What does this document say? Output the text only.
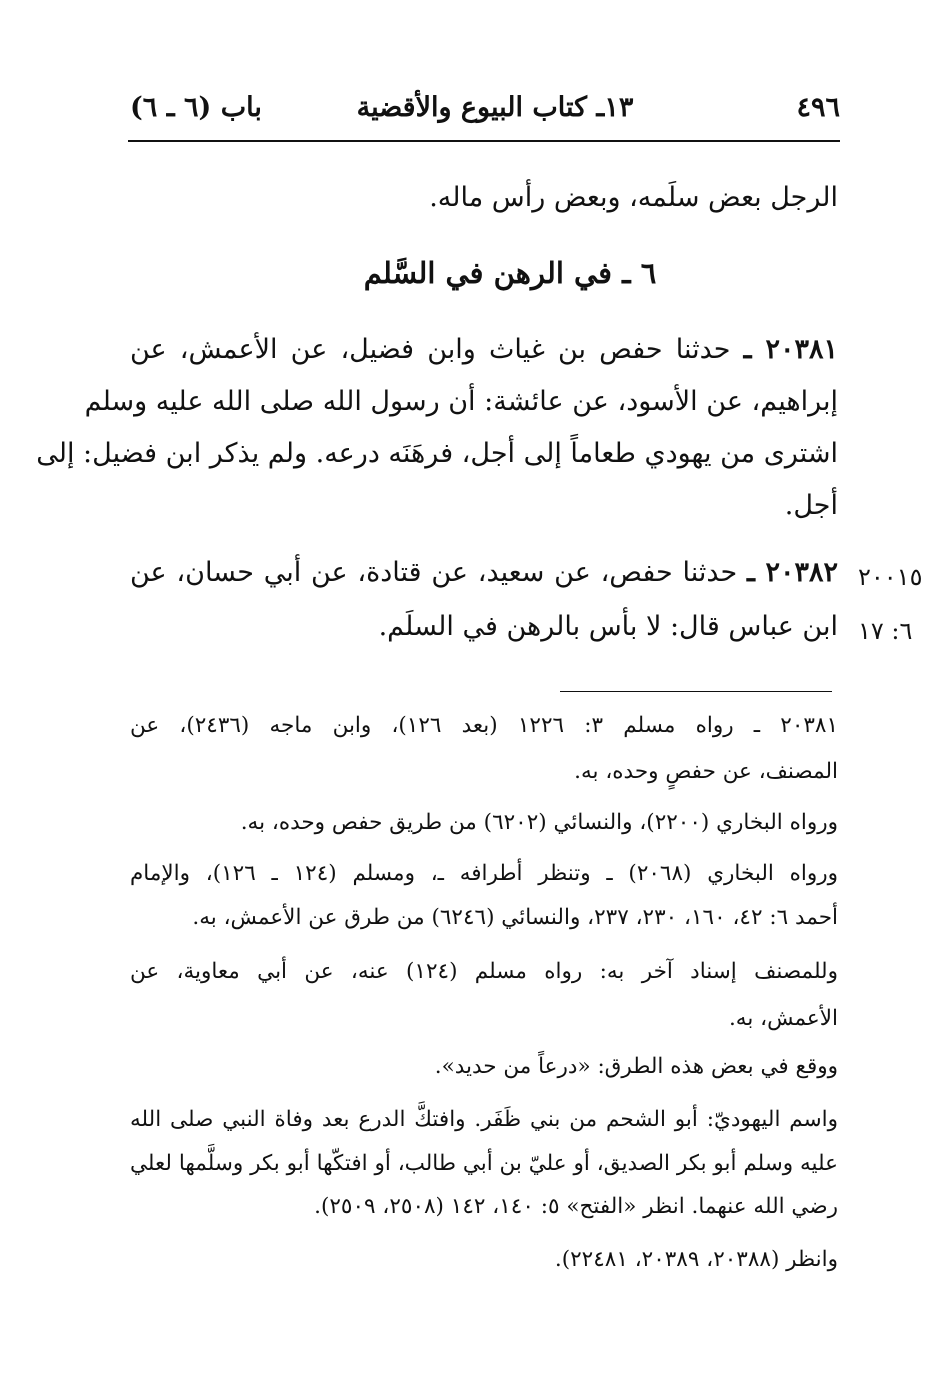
٤٩٦
١٣ـ كتاب البيوع والأقضية
باب (٦ ـ ٦)
الرجل بعض سلَمه، وبعض رأس ماله.
٦ ـ في الرهن في السَّلم
٢٠٣٨١ ـ حدثنا حفص بن غياث وابن فضيل، عن الأعمش، عن
إبراهيم، عن الأسود، عن عائشة: أن رسول الله صلى الله عليه وسلم
اشترى من يهودي طعاماً إلى أجل، فرهَنَه درعه. ولم يذكر ابن فضيل: إلى
أجل.
٢٠٣٨٢ ـ حدثنا حفص، عن سعيد، عن قتادة، عن أبي حسان، عن
ابن عباس قال: لا بأس بالرهن في السلَم.
٢٠٠١٥
٦: ١٧
٢٠٣٨١ ـ رواه مسلم ٣: ١٢٢٦ (بعد ١٢٦)، وابن ماجه (٢٤٣٦)، عن
المصنف، عن حفصٍ وحده، به.
ورواه البخاري (٢٢٠٠)، والنسائي (٦٢٠٢) من طريق حفص وحده، به.
ورواه البخاري (٢٠٦٨) ـ وتنظر أطرافه ـ، ومسلم (١٢٤ ـ ١٢٦)، والإمام
أحمد ٦: ٤٢، ١٦٠، ٢٣٠، ٢٣٧، والنسائي (٦٢٤٦) من طرق عن الأعمش، به.
وللمصنف إسناد آخر به: رواه مسلم (١٢٤) عنه، عن أبي معاوية، عن
الأعمش، به.
ووقع في بعض هذه الطرق: «درعاً من حديد».
واسم اليهوديّ: أبو الشحم من بني ظَفَر. وافتكَّ الدرع بعد وفاة النبي صلى الله
عليه وسلم أبو بكر الصديق، أو عليّ بن أبي طالب، أو افتكّها أبو بكر وسلَّمها لعلي
رضي الله عنهما. انظر «الفتح» ٥: ١٤٠، ١٤٢ (٢٥٠٨، ٢٥٠٩).
وانظر (٢٠٣٨٨، ٢٠٣٨٩، ٢٢٤٨١).
